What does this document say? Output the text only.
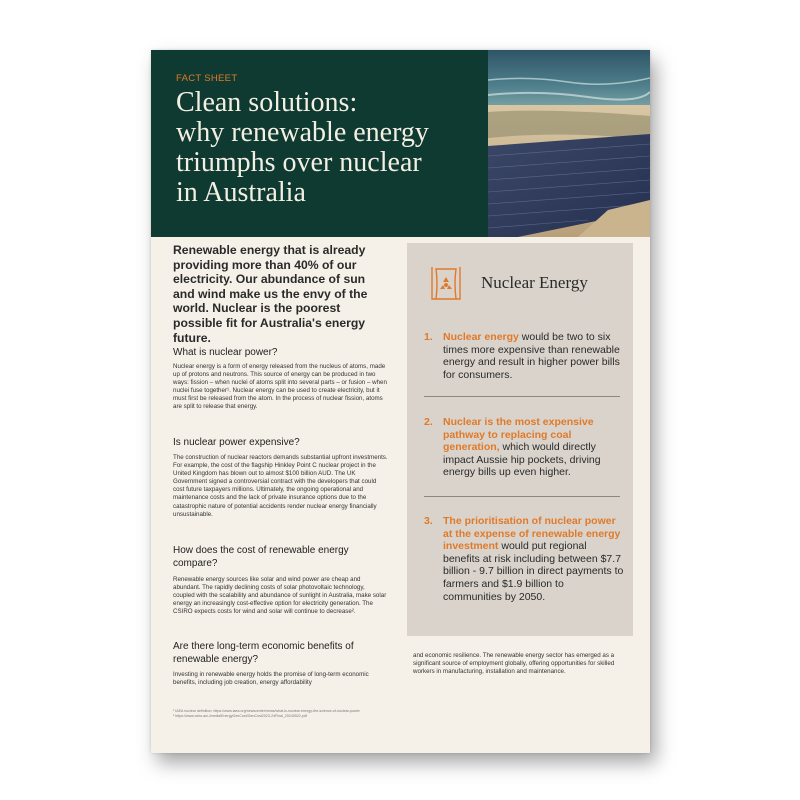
FACT SHEET
Clean solutions:
why renewable energy
triumphs over nuclear
in Australia

Renewable energy that is already providing more than 40% of our electricity. Our abundance of sun and wind make us the envy of the world. Nuclear is the poorest possible fit for Australia's energy future.

What is nuclear power?

Nuclear energy is a form of energy released from the nucleus of atoms, made up of protons and neutrons. This source of energy can be produced in two ways: fission – when nuclei of atoms split into several parts – or fusion – when nuclei fuse together¹. Nuclear energy can be used to create electricity, but it must first be released from the atom. In the process of nuclear fission, atoms are split to release that energy.

Is nuclear power expensive?

The construction of nuclear reactors demands substantial upfront investments. For example, the cost of the flagship Hinkley Point C nuclear project in the United Kingdom has blown out to almost $100 billion AUD. The UK Government signed a controversial contract with the developers that could cost future taxpayers millions. Ultimately, the ongoing operational and maintenance costs and the lack of private insurance options due to the catastrophic nature of potential accidents render nuclear energy financially unsustainable.

How does the cost of renewable energy compare?

Renewable energy sources like solar and wind power are cheap and abundant. The rapidly declining costs of solar photovoltaic technology, coupled with the scalability and abundance of sunlight in Australia, make solar energy an increasingly cost-effective option for electricity generation. The CSIRO expects costs for wind and solar will continue to decrease².

Are there long-term economic benefits of renewable energy?

Investing in renewable energy holds the promise of long-term economic benefits, including job creation, energy affordability

Nuclear Energy
1. Nuclear energy would be two to six times more expensive than renewable energy and result in higher power bills for consumers.
2. Nuclear is the most expensive pathway to replacing coal generation, which would directly impact Aussie hip pockets, driving energy bills up even higher.
3. The prioritisation of nuclear power at the expense of renewable energy investment would put regional benefits at risk including between $7.7 billion - 9.7 billion in direct payments to farmers and $1.9 billion to communities by 2050.

and economic resilience. The renewable energy sector has emerged as a significant source of employment globally, offering opportunities for skilled workers in manufacturing, installation and maintenance.

¹ IAEA nuclear definition: https://www.iaea.org/newscenter/news/what-is-nuclear-energy-the-science-of-nuclear-power
² https://www.csiro.au/-/media/EnergyGenCost/GenCost2023-24Final_20240522.pdf
